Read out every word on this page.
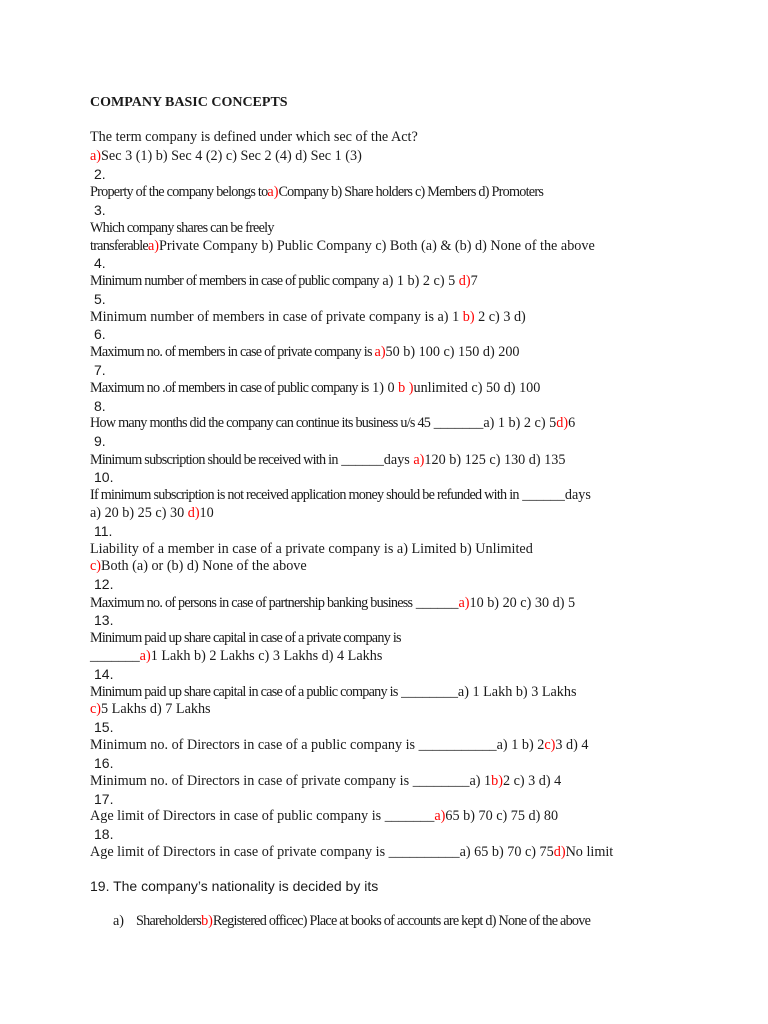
COMPANY BASIC CONCEPTS
The term company is defined under which sec of the Act?
a)Sec 3 (1) b) Sec 4 (2) c) Sec 2 (4) d) Sec 1 (3)
2.
Property of the company belongs toa)Company b) Share holders c) Members d) Promoters
3.
Which company shares can be freely
transferablea)Private Company b) Public Company c) Both (a) & (b) d) None of the above
4.
Minimum number of members in case of public company a) 1 b) 2 c) 5 d)7
5.
Minimum number of members in case of private company is a) 1 b) 2 c) 3 d)
6.
Maximum no. of members in case of private company is a)50 b) 100 c) 150 d) 200
7.
Maximum no .of members in case of public company is 1) 0 b )unlimited c) 50 d) 100
8.
How many months did the company can continue its business u/s 45 _______a) 1 b) 2 c) 5d)6
9.
Minimum subscription should be received with in ______days a)120 b) 125 c) 130 d) 135
10.
If minimum subscription is not received application money should be refunded with in ______days
a) 20 b) 25 c) 30 d)10
11.
Liability of a member in case of a private company is a) Limited b) Unlimited
c)Both (a) or (b) d) None of the above
12.
Maximum no. of persons in case of partnership banking business ______a)10 b) 20 c) 30 d) 5
13.
Minimum paid up share capital in case of a private company is
_______a)1 Lakh b) 2 Lakhs c) 3 Lakhs d) 4 Lakhs
14.
Minimum paid up share capital in case of a public company is ________a) 1 Lakh b) 3 Lakhs
c)5 Lakhs d) 7 Lakhs
15.
Minimum no. of Directors in case of a public company is ___________a) 1 b) 2c)3 d) 4
16.
Minimum no. of Directors in case of private company is ________a) 1b)2 c) 3 d) 4
17.
Age limit of Directors in case of public company is _______a)65 b) 70 c) 75 d) 80
18.
Age limit of Directors in case of private company is __________a) 65 b) 70 c) 75d)No limit
19. The company’s nationality is decided by its
a) Shareholdersb)Registered officec) Place at books of accounts are kept d) None of the above
